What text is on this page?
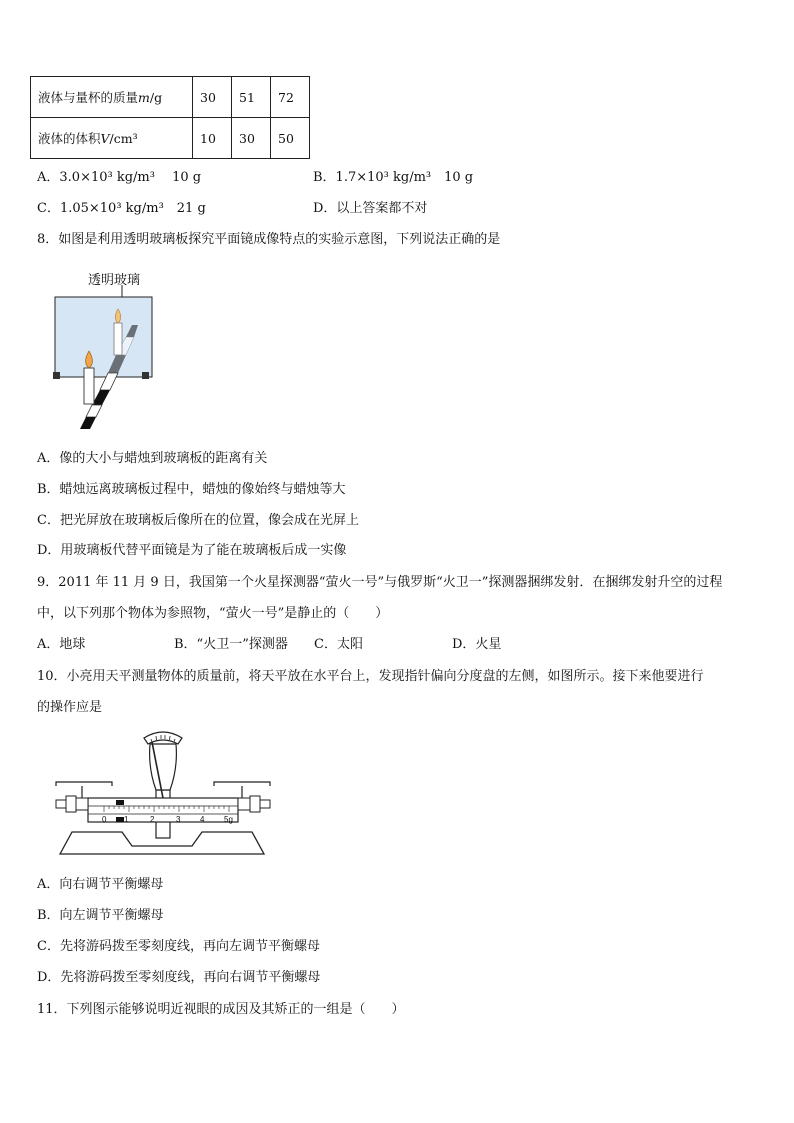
液体与量杯的质量m/g	30	51	72
液体的体积V/cm³	10	30	50
A．3.0×10³ kg/m³　 10 g	B．1.7×10³ kg/m³　10 g
C．1.05×10³ kg/m³　21 g	D．以上答案都不对
8．如图是利用透明玻璃板探究平面镜成像特点的实验示意图，下列说法正确的是
透明玻璃
A．像的大小与蜡烛到玻璃板的距离有关
B．蜡烛远离玻璃板过程中，蜡烛的像始终与蜡烛等大
C．把光屏放在玻璃板后像所在的位置，像会成在光屏上
D．用玻璃板代替平面镜是为了能在玻璃板后成一实像
9．2011 年 11 月 9 日，我国第一个火星探测器“萤火一号”与俄罗斯“火卫一”探测器捆绑发射．在捆绑发射升空的过程
中，以下列那个物体为参照物，“萤火一号”是静止的（　　）
A．地球	B．“火卫一”探测器 C．太阳	D．火星
10．小亮用天平测量物体的质量前，将天平放在水平台上，发现指针偏向分度盘的左侧，如图所示。接下来他要进行
的操作应是
0 1	2	3 4 5g
A．向右调节平衡螺母
B．向左调节平衡螺母
C．先将游码拨至零刻度线，再向左调节平衡螺母
D．先将游码拨至零刻度线，再向右调节平衡螺母
11．下列图示能够说明近视眼的成因及其矫正的一组是（　　）
